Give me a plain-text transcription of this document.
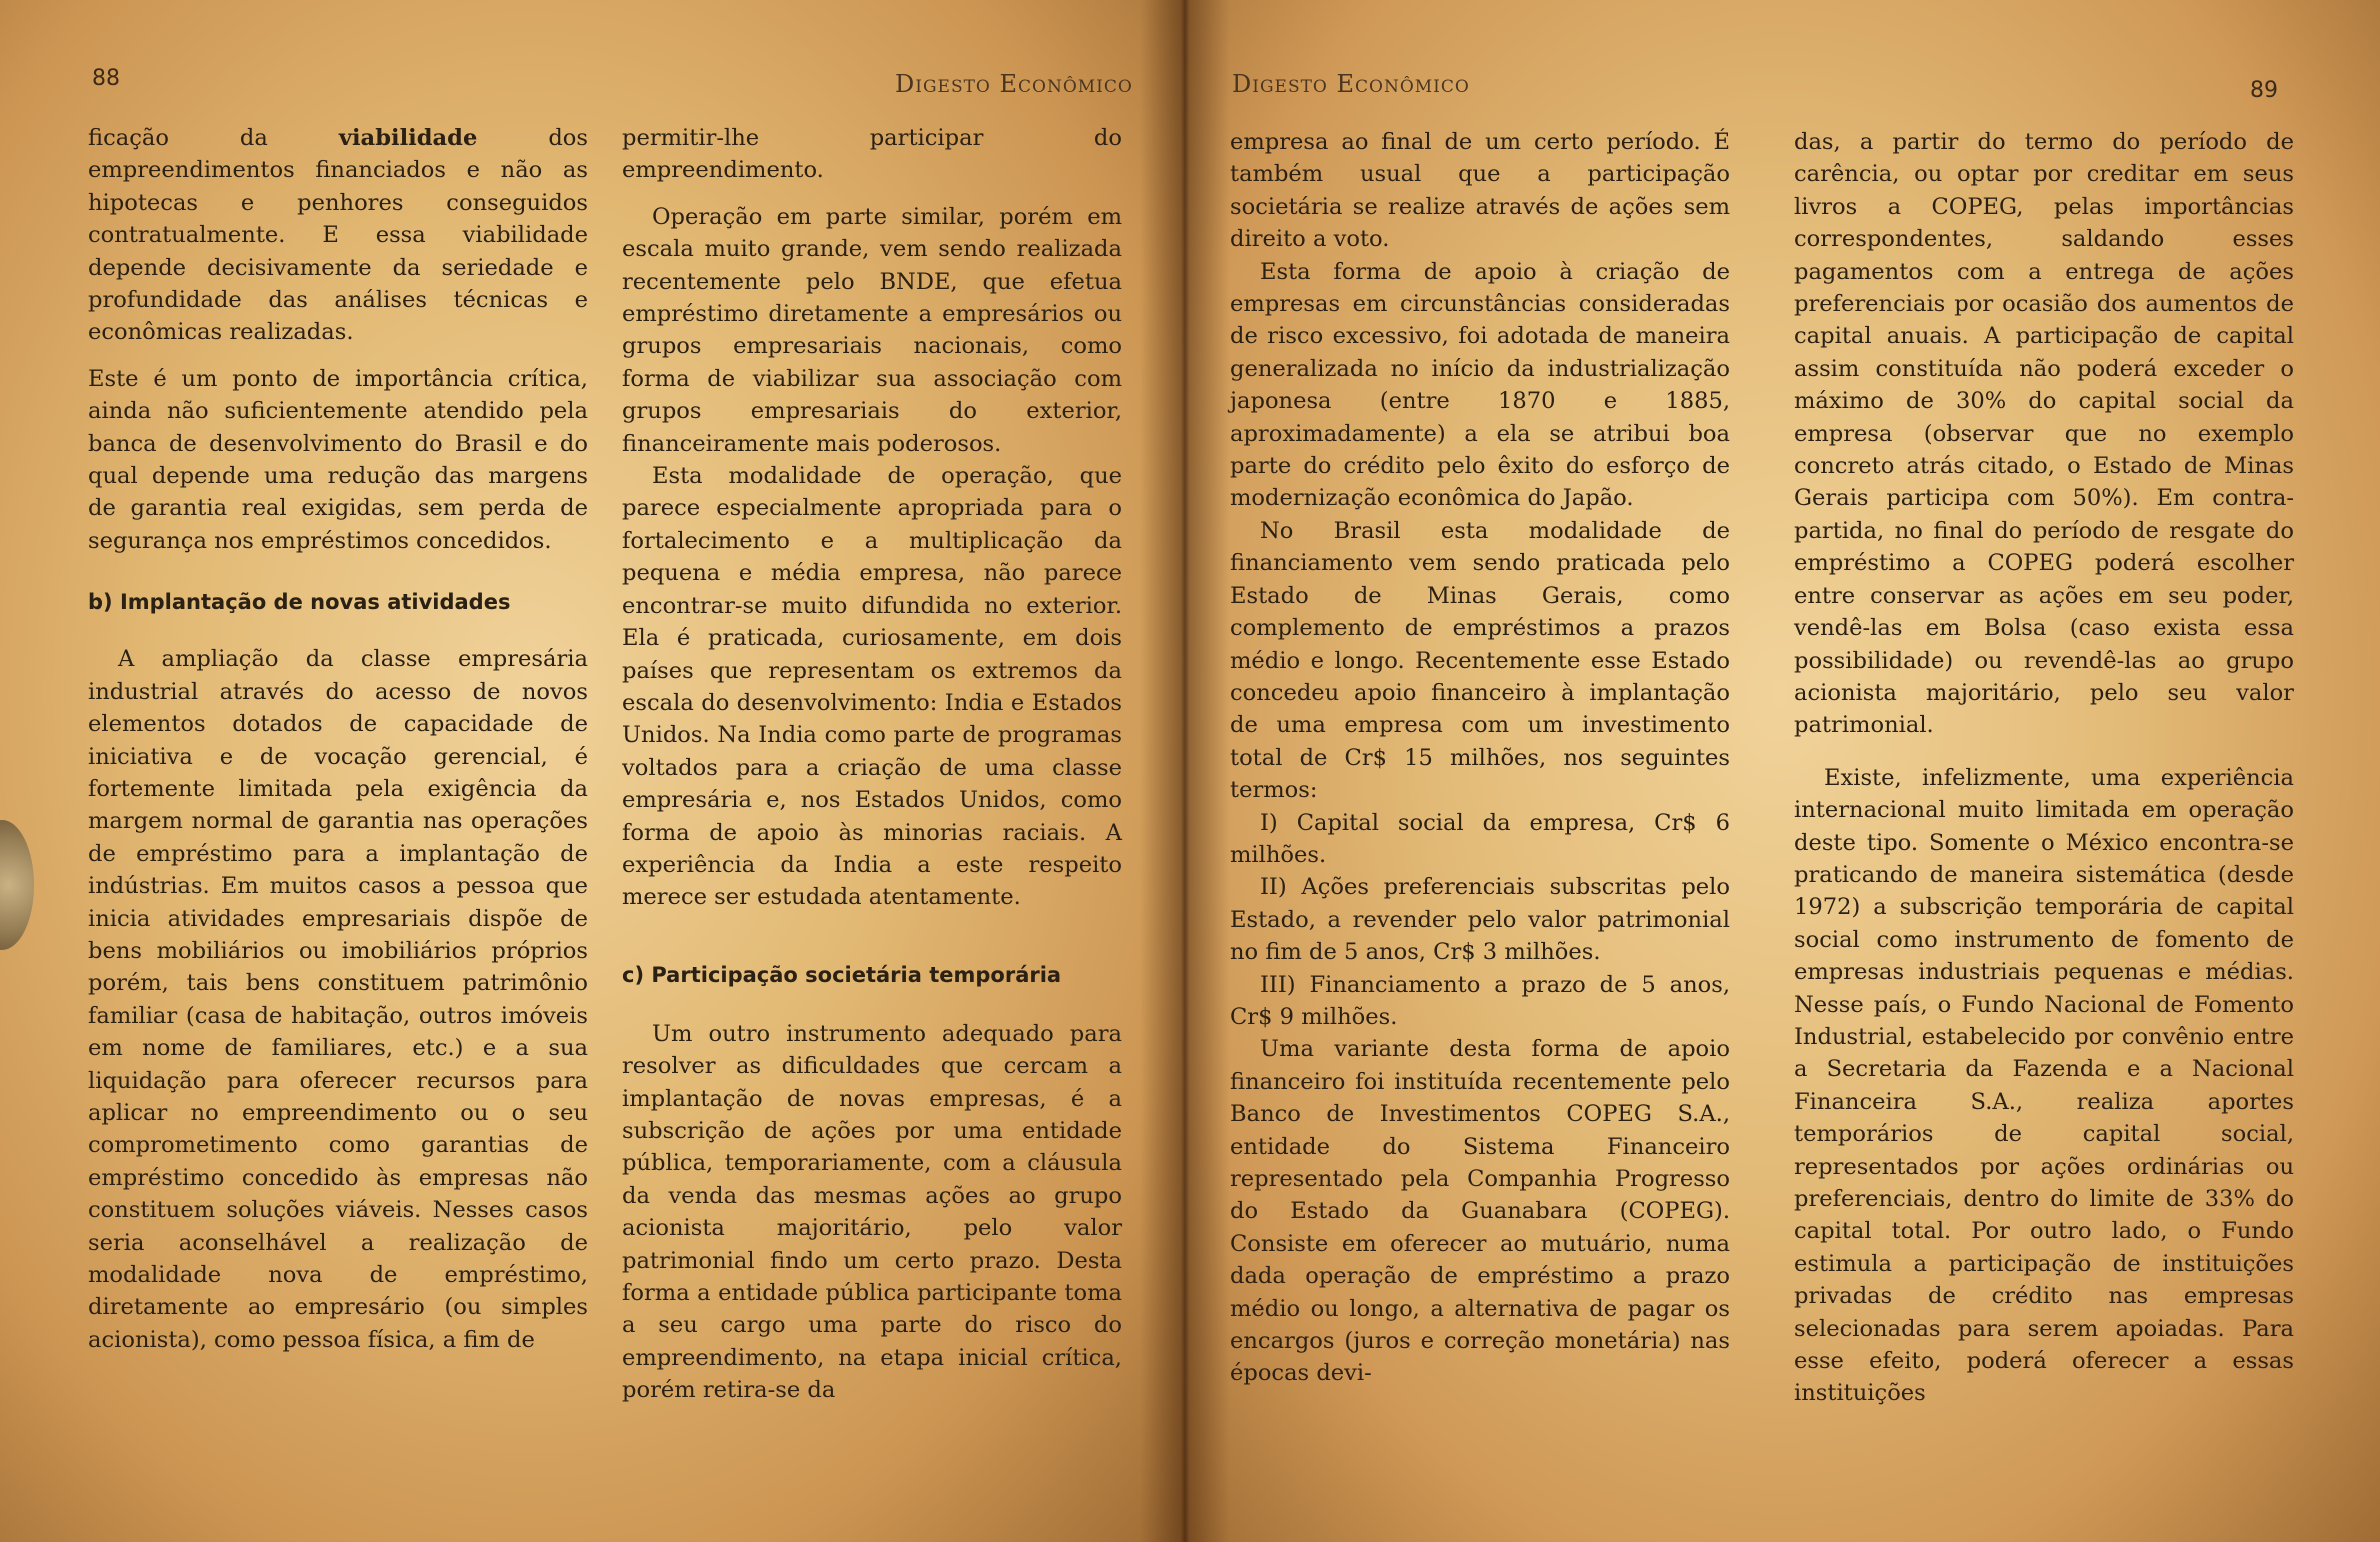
88	Digesto Econômico

ficação da viabilidade dos empreendimentos financiados e não as hipotecas e penhores conseguidos contratualmente. E essa viabilidade depende decisivamente da seriedade e profundidade das análises técnicas e econômicas realizadas.

Este é um ponto de importância crítica, ainda não suficientemente atendido pela banca de desenvolvimento do Brasil e do qual depende uma redução das margens de garantia real exigidas, sem perda de segurança nos empréstimos concedidos.

b) Implantação de novas atividades

A ampliação da classe empresária industrial através do acesso de novos elementos dotados de capacidade de iniciativa e de vocação gerencial, é fortemente limitada pela exigência da margem normal de garantia nas operações de empréstimo para a implantação de indústrias. Em muitos casos a pessoa que inicia atividades empresariais dispõe de bens mobiliários ou imobiliários próprios porém, tais bens constituem patrimônio familiar (casa de habitação, outros imóveis em nome de familiares, etc.) e a sua liquidação para oferecer recursos para aplicar no empreendimento ou o seu comprometimento como garantias de empréstimo concedido às empresas não constituem soluções viáveis. Nesses casos seria aconselhável a realização de modalidade nova de empréstimo, diretamente ao empresário (ou simples acionista), como pessoa física, a fim de

permitir-lhe participar do empreendimento.

Operação em parte similar, porém em escala muito grande, vem sendo realizada recentemente pelo BNDE, que efetua empréstimo diretamente a empresários ou grupos empresariais nacionais, como forma de viabilizar sua associação com grupos empresariais do exterior, financeiramente mais poderosos.

Esta modalidade de operação, que parece especialmente apropriada para o fortalecimento e a multiplicação da pequena e média empresa, não parece encontrar-se muito difundida no exterior. Ela é praticada, curiosamente, em dois países que representam os extremos da escala do desenvolvimento: India e Estados Unidos. Na India como parte de programas voltados para a criação de uma classe empresária e, nos Estados Unidos, como forma de apoio às minorias raciais. A experiência da India a este respeito merece ser estudada atentamente.

c) Participação societária temporária

Um outro instrumento adequado para resolver as dificuldades que cercam a implantação de novas empresas, é a subscrição de ações por uma entidade pública, temporariamente, com a cláusula da venda das mesmas ações ao grupo acionista majoritário, pelo valor patrimonial findo um certo prazo. Desta forma a entidade pública participante toma a seu cargo uma parte do risco do empreendimento, na etapa inicial crítica, porém retira-se da

Digesto Econômico	89

empresa ao final de um certo período. É também usual que a participação societária se realize através de ações sem direito a voto.

Esta forma de apoio à criação de empresas em circunstâncias consideradas de risco excessivo, foi adotada de maneira generalizada no início da industrialização japonesa (entre 1870 e 1885, aproximadamente) a ela se atribui boa parte do crédito pelo êxito do esforço de modernização econômica do Japão.

No Brasil esta modalidade de financiamento vem sendo praticada pelo Estado de Minas Gerais, como complemento de empréstimos a prazos médio e longo. Recentemente esse Estado concedeu apoio financeiro à implantação de uma empresa com um investimento total de Cr$ 15 milhões, nos seguintes termos:

I) Capital social da empresa, Cr$ 6 milhões.

II) Ações preferenciais subscritas pelo Estado, a revender pelo valor patrimonial no fim de 5 anos, Cr$ 3 milhões.

III) Financiamento a prazo de 5 anos, Cr$ 9 milhões.

Uma variante desta forma de apoio financeiro foi instituída recentemente pelo Banco de Investimentos COPEG S.A., entidade do Sistema Financeiro representado pela Companhia Progresso do Estado da Guanabara (COPEG). Consiste em oferecer ao mutuário, numa dada operação de empréstimo a prazo médio ou longo, a alternativa de pagar os encargos (juros e correção monetária) nas épocas devi-

das, a partir do termo do período de carência, ou optar por creditar em seus livros a COPEG, pelas importâncias correspondentes, saldando esses pagamentos com a entrega de ações preferenciais por ocasião dos aumentos de capital anuais. A participação de capital assim constituída não poderá exceder o máximo de 30% do capital social da empresa (observar que no exemplo concreto atrás citado, o Estado de Minas Gerais participa com 50%). Em contra-partida, no final do período de resgate do empréstimo a COPEG poderá escolher entre conservar as ações em seu poder, vendê-las em Bolsa (caso exista essa possibilidade) ou revendê-las ao grupo acionista majoritário, pelo seu valor patrimonial.

Existe, infelizmente, uma experiência internacional muito limitada em operação deste tipo. Somente o México encontra-se praticando de maneira sistemática (desde 1972) a subscrição temporária de capital social como instrumento de fomento de empresas industriais pequenas e médias. Nesse país, o Fundo Nacional de Fomento Industrial, estabelecido por convênio entre a Secretaria da Fazenda e a Nacional Financeira S.A., realiza aportes temporários de capital social, representados por ações ordinárias ou preferenciais, dentro do limite de 33% do capital total. Por outro lado, o Fundo estimula a participação de instituições privadas de crédito nas empresas selecionadas para serem apoiadas. Para esse efeito, poderá oferecer a essas instituições
